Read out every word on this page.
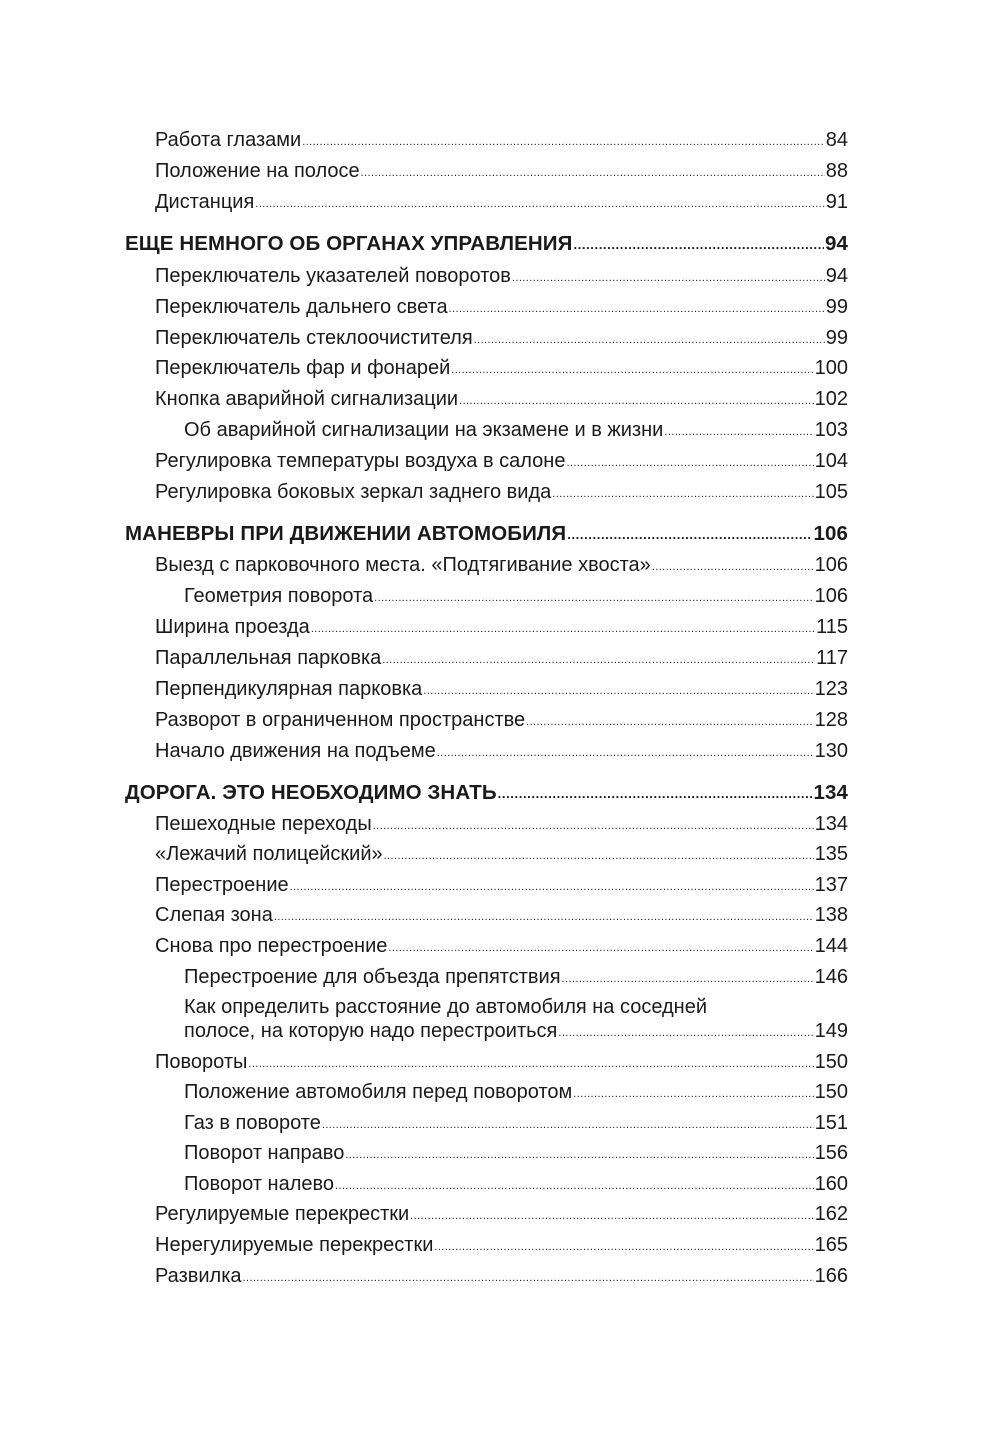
Работа глазами .....	84
Положение на полосе .....	88
Дистанция .....	91
ЕЩЕ НЕМНОГО ОБ ОРГАНАХ УПРАВЛЕНИЯ .....	94
Переключатель указателей поворотов .....	94
Переключатель дальнего света .....	99
Переключатель стеклоочистителя .....	99
Переключатель фар и фонарей .....	100
Кнопка аварийной сигнализации .....	102
Об аварийной сигнализации на экзамене и в жизни .....	103
Регулировка температуры воздуха в салоне .....	104
Регулировка боковых зеркал заднего вида .....	105
МАНЕВРЫ ПРИ ДВИЖЕНИИ АВТОМОБИЛЯ .....	106
Выезд с парковочного места. «Подтягивание хвоста» .....	106
Геометрия поворота .....	106
Ширина проезда .....	115
Параллельная парковка .....	117
Перпендикулярная парковка .....	123
Разворот в ограниченном пространстве .....	128
Начало движения на подъеме .....	130
ДОРОГА. ЭТО НЕОБХОДИМО ЗНАТЬ .....	134
Пешеходные переходы .....	134
«Лежачий полицейский» .....	135
Перестроение .....	137
Слепая зона .....	138
Снова про перестроение .....	144
Перестроение для объезда препятствия .....	146
Как определить расстояние до автомобиля на соседней
полосе, на которую надо перестроиться .....	149
Повороты .....	150
Положение автомобиля перед поворотом .....	150
Газ в повороте .....	151
Поворот направо .....	156
Поворот налево .....	160
Регулируемые перекрестки .....	162
Нерегулируемые перекрестки .....	165
Развилка .....	166
